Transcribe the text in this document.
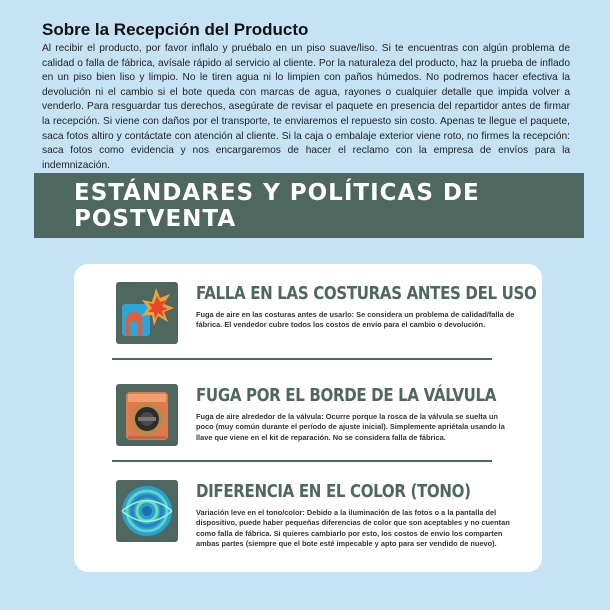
Sobre la Recepción del Producto
Al recibir el producto, por favor inflalo y pruébalo en un piso suave/liso. Si te encuentras con algún problema de calidad o falla de fábrica, avísale rápido al servicio al cliente. Por la naturaleza del producto, haz la prueba de inflado en un piso bien liso y limpio. No le tiren agua ni lo limpien con paños húmedos. No podremos hacer efectiva la devolución ni el cambio si el bote queda con marcas de agua, rayones o cualquier detalle que impida volver a venderlo. Para resguardar tus derechos, asegúrate de revisar el paquete en presencia del repartidor antes de firmar la recepción. Si viene con daños por el transporte, te enviaremos el repuesto sin costo. Apenas te llegue el paquete, saca fotos altiro y contáctate con atención al cliente. Si la caja o embalaje exterior viene roto, no firmes la recepción: saca fotos como evidencia y nos encargaremos de hacer el reclamo con la empresa de envíos para la indemnización.
ESTÁNDARES Y POLÍTICAS DE POSTVENTA
FALLA EN LAS COSTURAS ANTES DEL USO
Fuga de aire en las costuras antes de usarlo: Se considera un problema de calidad/falla de fábrica. El vendedor cubre todos los costos de envío para el cambio o devolución.
FUGA POR EL BORDE DE LA VÁLVULA
Fuga de aire alrededor de la válvula: Ocurre porque la rosca de la válvula se suelta un poco (muy común durante el período de ajuste inicial). Simplemente apriétala usando la llave que viene en el kit de reparación. No se considera falla de fábrica.
DIFERENCIA EN EL COLOR (TONO)
Variación leve en el tono/color: Debido a la iluminación de las fotos o a la pantalla del dispositivo, puede haber pequeñas diferencias de color que son aceptables y no cuentan como falla de fábrica. Si quieres cambiarlo por esto, los costos de envío los comparten ambas partes (siempre que el bote esté impecable y apto para ser vendido de nuevo).
